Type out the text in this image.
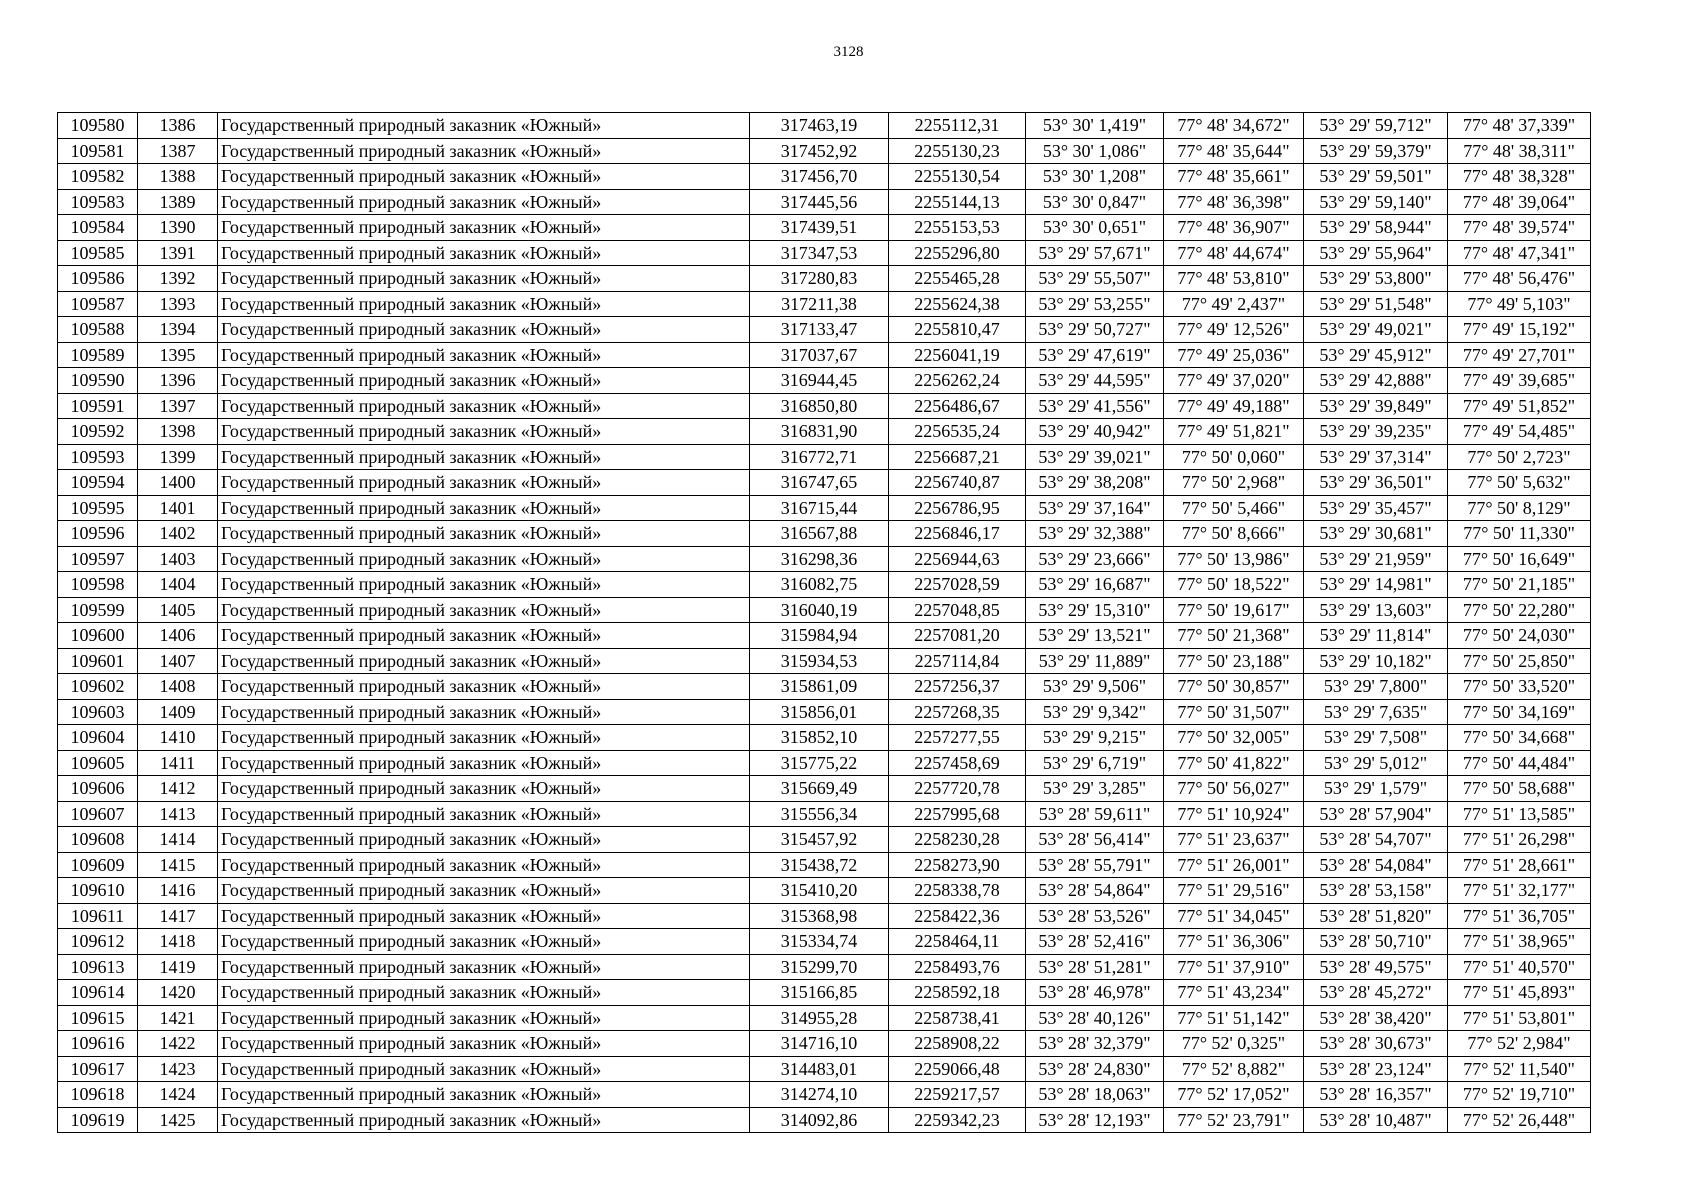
3128
109580	1386	Государственный природный заказник «Южный»	317463,19	2255112,31	53° 30' 1,419"	77° 48' 34,672"	53° 29' 59,712"	77° 48' 37,339"
109581	1387	Государственный природный заказник «Южный»	317452,92	2255130,23	53° 30' 1,086"	77° 48' 35,644"	53° 29' 59,379"	77° 48' 38,311"
109582	1388	Государственный природный заказник «Южный»	317456,70	2255130,54	53° 30' 1,208"	77° 48' 35,661"	53° 29' 59,501"	77° 48' 38,328"
109583	1389	Государственный природный заказник «Южный»	317445,56	2255144,13	53° 30' 0,847"	77° 48' 36,398"	53° 29' 59,140"	77° 48' 39,064"
109584	1390	Государственный природный заказник «Южный»	317439,51	2255153,53	53° 30' 0,651"	77° 48' 36,907"	53° 29' 58,944"	77° 48' 39,574"
109585	1391	Государственный природный заказник «Южный»	317347,53	2255296,80	53° 29' 57,671"	77° 48' 44,674"	53° 29' 55,964"	77° 48' 47,341"
109586	1392	Государственный природный заказник «Южный»	317280,83	2255465,28	53° 29' 55,507"	77° 48' 53,810"	53° 29' 53,800"	77° 48' 56,476"
109587	1393	Государственный природный заказник «Южный»	317211,38	2255624,38	53° 29' 53,255"	77° 49' 2,437"	53° 29' 51,548"	77° 49' 5,103"
109588	1394	Государственный природный заказник «Южный»	317133,47	2255810,47	53° 29' 50,727"	77° 49' 12,526"	53° 29' 49,021"	77° 49' 15,192"
109589	1395	Государственный природный заказник «Южный»	317037,67	2256041,19	53° 29' 47,619"	77° 49' 25,036"	53° 29' 45,912"	77° 49' 27,701"
109590	1396	Государственный природный заказник «Южный»	316944,45	2256262,24	53° 29' 44,595"	77° 49' 37,020"	53° 29' 42,888"	77° 49' 39,685"
109591	1397	Государственный природный заказник «Южный»	316850,80	2256486,67	53° 29' 41,556"	77° 49' 49,188"	53° 29' 39,849"	77° 49' 51,852"
109592	1398	Государственный природный заказник «Южный»	316831,90	2256535,24	53° 29' 40,942"	77° 49' 51,821"	53° 29' 39,235"	77° 49' 54,485"
109593	1399	Государственный природный заказник «Южный»	316772,71	2256687,21	53° 29' 39,021"	77° 50' 0,060"	53° 29' 37,314"	77° 50' 2,723"
109594	1400	Государственный природный заказник «Южный»	316747,65	2256740,87	53° 29' 38,208"	77° 50' 2,968"	53° 29' 36,501"	77° 50' 5,632"
109595	1401	Государственный природный заказник «Южный»	316715,44	2256786,95	53° 29' 37,164"	77° 50' 5,466"	53° 29' 35,457"	77° 50' 8,129"
109596	1402	Государственный природный заказник «Южный»	316567,88	2256846,17	53° 29' 32,388"	77° 50' 8,666"	53° 29' 30,681"	77° 50' 11,330"
109597	1403	Государственный природный заказник «Южный»	316298,36	2256944,63	53° 29' 23,666"	77° 50' 13,986"	53° 29' 21,959"	77° 50' 16,649"
109598	1404	Государственный природный заказник «Южный»	316082,75	2257028,59	53° 29' 16,687"	77° 50' 18,522"	53° 29' 14,981"	77° 50' 21,185"
109599	1405	Государственный природный заказник «Южный»	316040,19	2257048,85	53° 29' 15,310"	77° 50' 19,617"	53° 29' 13,603"	77° 50' 22,280"
109600	1406	Государственный природный заказник «Южный»	315984,94	2257081,20	53° 29' 13,521"	77° 50' 21,368"	53° 29' 11,814"	77° 50' 24,030"
109601	1407	Государственный природный заказник «Южный»	315934,53	2257114,84	53° 29' 11,889"	77° 50' 23,188"	53° 29' 10,182"	77° 50' 25,850"
109602	1408	Государственный природный заказник «Южный»	315861,09	2257256,37	53° 29' 9,506"	77° 50' 30,857"	53° 29' 7,800"	77° 50' 33,520"
109603	1409	Государственный природный заказник «Южный»	315856,01	2257268,35	53° 29' 9,342"	77° 50' 31,507"	53° 29' 7,635"	77° 50' 34,169"
109604	1410	Государственный природный заказник «Южный»	315852,10	2257277,55	53° 29' 9,215"	77° 50' 32,005"	53° 29' 7,508"	77° 50' 34,668"
109605	1411	Государственный природный заказник «Южный»	315775,22	2257458,69	53° 29' 6,719"	77° 50' 41,822"	53° 29' 5,012"	77° 50' 44,484"
109606	1412	Государственный природный заказник «Южный»	315669,49	2257720,78	53° 29' 3,285"	77° 50' 56,027"	53° 29' 1,579"	77° 50' 58,688"
109607	1413	Государственный природный заказник «Южный»	315556,34	2257995,68	53° 28' 59,611"	77° 51' 10,924"	53° 28' 57,904"	77° 51' 13,585"
109608	1414	Государственный природный заказник «Южный»	315457,92	2258230,28	53° 28' 56,414"	77° 51' 23,637"	53° 28' 54,707"	77° 51' 26,298"
109609	1415	Государственный природный заказник «Южный»	315438,72	2258273,90	53° 28' 55,791"	77° 51' 26,001"	53° 28' 54,084"	77° 51' 28,661"
109610	1416	Государственный природный заказник «Южный»	315410,20	2258338,78	53° 28' 54,864"	77° 51' 29,516"	53° 28' 53,158"	77° 51' 32,177"
109611	1417	Государственный природный заказник «Южный»	315368,98	2258422,36	53° 28' 53,526"	77° 51' 34,045"	53° 28' 51,820"	77° 51' 36,705"
109612	1418	Государственный природный заказник «Южный»	315334,74	2258464,11	53° 28' 52,416"	77° 51' 36,306"	53° 28' 50,710"	77° 51' 38,965"
109613	1419	Государственный природный заказник «Южный»	315299,70	2258493,76	53° 28' 51,281"	77° 51' 37,910"	53° 28' 49,575"	77° 51' 40,570"
109614	1420	Государственный природный заказник «Южный»	315166,85	2258592,18	53° 28' 46,978"	77° 51' 43,234"	53° 28' 45,272"	77° 51' 45,893"
109615	1421	Государственный природный заказник «Южный»	314955,28	2258738,41	53° 28' 40,126"	77° 51' 51,142"	53° 28' 38,420"	77° 51' 53,801"
109616	1422	Государственный природный заказник «Южный»	314716,10	2258908,22	53° 28' 32,379"	77° 52' 0,325"	53° 28' 30,673"	77° 52' 2,984"
109617	1423	Государственный природный заказник «Южный»	314483,01	2259066,48	53° 28' 24,830"	77° 52' 8,882"	53° 28' 23,124"	77° 52' 11,540"
109618	1424	Государственный природный заказник «Южный»	314274,10	2259217,57	53° 28' 18,063"	77° 52' 17,052"	53° 28' 16,357"	77° 52' 19,710"
109619	1425	Государственный природный заказник «Южный»	314092,86	2259342,23	53° 28' 12,193"	77° 52' 23,791"	53° 28' 10,487"	77° 52' 26,448"
